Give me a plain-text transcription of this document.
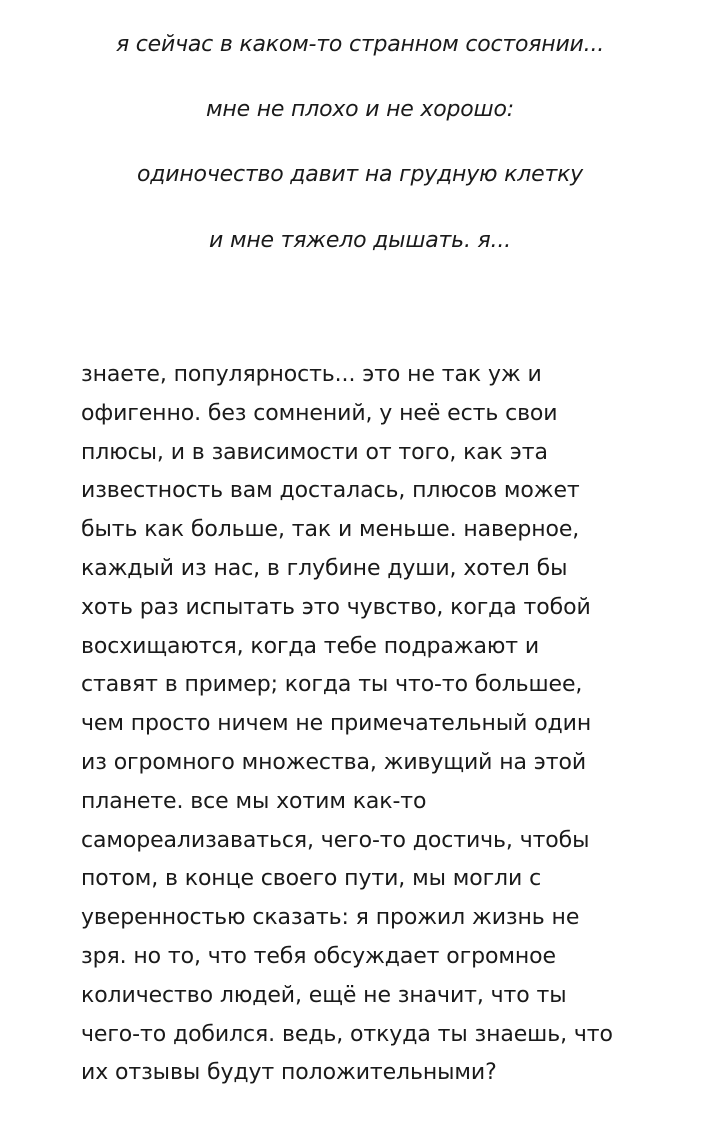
я сейчас в каком-то странном состоянии...

мне не плохо и не хорошо:

одиночество давит на грудную клетку

и мне тяжело дышать. я...

знаете, популярность... это не так уж и
офигенно. без сомнений, у неё есть свои
плюсы, и в зависимости от того, как эта
известность вам досталась, плюсов может
быть как больше, так и меньше. наверное,
каждый из нас, в глубине души, хотел бы
хоть раз испытать это чувство, когда тобой
восхищаются, когда тебе подражают и
ставят в пример; когда ты что-то большее,
чем просто ничем не примечательный один
из огромного множества, живущий на этой
планете. все мы хотим как-то
самореализаваться, чего-то достичь, чтобы
потом, в конце своего пути, мы могли с
уверенностью сказать: я прожил жизнь не
зря. но то, что тебя обсуждает огромное
количество людей, ещё не значит, что ты
чего-то добился. ведь, откуда ты знаешь, что
их отзывы будут положительными?
